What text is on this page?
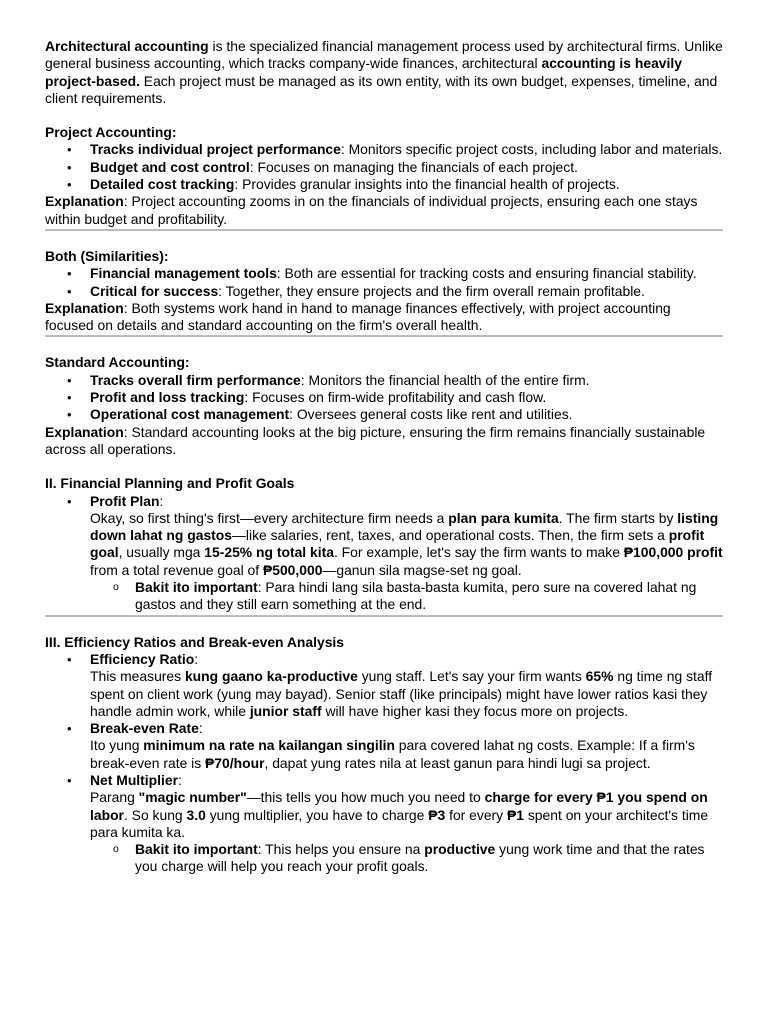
Architectural accounting is the specialized financial management process used by architectural firms. Unlike general business accounting, which tracks company-wide finances, architectural accounting is heavily project-based. Each project must be managed as its own entity, with its own budget, expenses, timeline, and client requirements.

Project Accounting:

• Tracks individual project performance: Monitors specific project costs, including labor and materials.
• Budget and cost control: Focuses on managing the financials of each project.
• Detailed cost tracking: Provides granular insights into the financial health of projects.

Explanation: Project accounting zooms in on the financials of individual projects, ensuring each one stays within budget and profitability.

Both (Similarities):

• Financial management tools: Both are essential for tracking costs and ensuring financial stability.
• Critical for success: Together, they ensure projects and the firm overall remain profitable.

Explanation: Both systems work hand in hand to manage finances effectively, with project accounting focused on details and standard accounting on the firm's overall health.

Standard Accounting:

• Tracks overall firm performance: Monitors the financial health of the entire firm.
• Profit and loss tracking: Focuses on firm-wide profitability and cash flow.
• Operational cost management: Oversees general costs like rent and utilities.

Explanation: Standard accounting looks at the big picture, ensuring the firm remains financially sustainable across all operations.

II. Financial Planning and Profit Goals

• Profit Plan:
Okay, so first thing's first—every architecture firm needs a plan para kumita. The firm starts by listing down lahat ng gastos—like salaries, rent, taxes, and operational costs. Then, the firm sets a profit goal, usually mga 15-25% ng total kita. For example, let's say the firm wants to make ₱100,000 profit from a total revenue goal of ₱500,000—ganun sila magse-set ng goal.
o Bakit ito important: Para hindi lang sila basta-basta kumita, pero sure na covered lahat ng gastos and they still earn something at the end.

III. Efficiency Ratios and Break-even Analysis

• Efficiency Ratio:
This measures kung gaano ka-productive yung staff. Let's say your firm wants 65% ng time ng staff spent on client work (yung may bayad). Senior staff (like principals) might have lower ratios kasi they handle admin work, while junior staff will have higher kasi they focus more on projects.
• Break-even Rate:
Ito yung minimum na rate na kailangan singilin para covered lahat ng costs. Example: If a firm's break-even rate is ₱70/hour, dapat yung rates nila at least ganun para hindi lugi sa project.
• Net Multiplier:
Parang "magic number"—this tells you how much you need to charge for every ₱1 you spend on labor. So kung 3.0 yung multiplier, you have to charge ₱3 for every ₱1 spent on your architect's time para kumita ka.
o Bakit ito important: This helps you ensure na productive yung work time and that the rates you charge will help you reach your profit goals.
